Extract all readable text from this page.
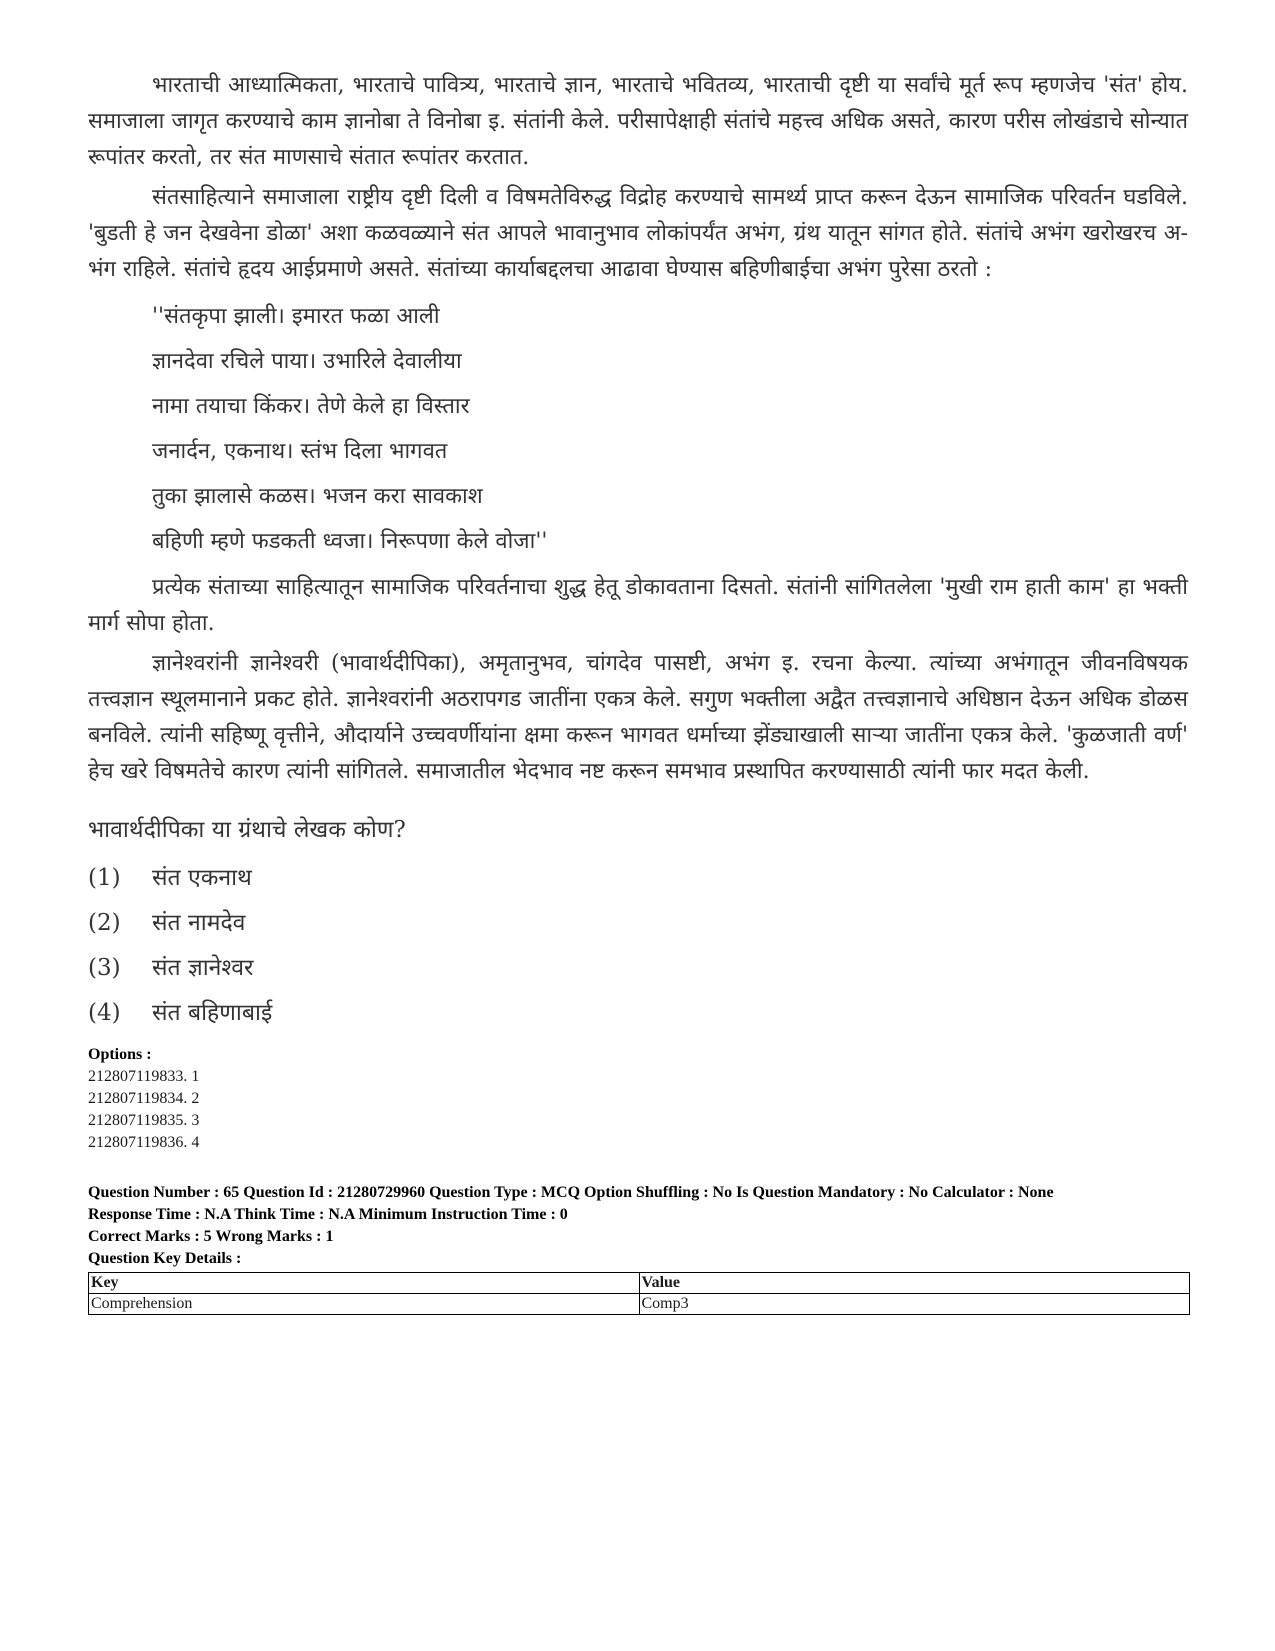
भारताची आध्यात्मिकता, भारताचे पावित्र्य, भारताचे ज्ञान, भारताचे भवितव्य, भारताची दृष्टी या सर्वांचे मूर्त रूप म्हणजेच 'संत' होय. समाजाला जागृत करण्याचे काम ज्ञानोबा ते विनोबा इ. संतांनी केले. परीसापेक्षाही संतांचे महत्त्व अधिक असते, कारण परीस लोखंडाचे सोन्यात रूपांतर करतो, तर संत माणसाचे संतात रूपांतर करतात.

संतसाहित्याने समाजाला राष्ट्रीय दृष्टी दिली व विषमतेविरुद्ध विद्रोह करण्याचे सामर्थ्य प्राप्त करून देऊन सामाजिक परिवर्तन घडविले. 'बुडती हे जन देखवेना डोळा' अशा कळवळ्याने संत आपले भावानुभाव लोकांपर्यंत अभंग, ग्रंथ यातून सांगत होते. संतांचे अभंग खरोखरच अ-भंग राहिले. संतांचे हृदय आईप्रमाणे असते. संतांच्या कार्याबद्दलचा आढावा घेण्यास बहिणीबाईचा अभंग पुरेसा ठरतो :

''संतकृपा झाली। इमारत फळा आली
ज्ञानदेवा रचिले पाया। उभारिले देवालीया
नामा तयाचा किंकर। तेणे केले हा विस्तार
जनार्दन, एकनाथ। स्तंभ दिला भागवत
तुका झालासे कळस। भजन करा सावकाश
बहिणी म्हणे फडकती ध्वजा। निरूपणा केले वोजा''

प्रत्येक संताच्या साहित्यातून सामाजिक परिवर्तनाचा शुद्ध हेतू डोकावताना दिसतो. संतांनी सांगितलेला 'मुखी राम हाती काम' हा भक्ती मार्ग सोपा होता.

ज्ञानेश्वरांनी ज्ञानेश्वरी (भावार्थदीपिका), अमृतानुभव, चांगदेव पासष्टी, अभंग इ. रचना केल्या. त्यांच्या अभंगातून जीवनविषयक तत्त्वज्ञान स्थूलमानाने प्रकट होते. ज्ञानेश्वरांनी अठरापगड जातींना एकत्र केले. सगुण भक्तीला अद्वैत तत्त्वज्ञानाचे अधिष्ठान देऊन अधिक डोळस बनविले. त्यांनी सहिष्णू वृत्तीने, औदार्याने उच्चवर्णीयांना क्षमा करून भागवत धर्माच्या झेंड्याखाली साऱ्या जातींना एकत्र केले. 'कुळजाती वर्ण' हेच खरे विषमतेचे कारण त्यांनी सांगितले. समाजातील भेदभाव नष्ट करून समभाव प्रस्थापित करण्यासाठी त्यांनी फार मदत केली.

भावार्थदीपिका या ग्रंथाचे लेखक कोण?
(1)	संत एकनाथ
(2)	संत नामदेव
(3)	संत ज्ञानेश्वर
(4)	संत बहिणाबाई
Options :
212807119833. 1
212807119834. 2
212807119835. 3
212807119836. 4
Question Number : 65 Question Id : 21280729960 Question Type : MCQ Option Shuffling : No Is Question Mandatory : No Calculator : None
Response Time : N.A Think Time : N.A Minimum Instruction Time : 0
Correct Marks : 5 Wrong Marks : 1
Question Key Details :
Key	Value
Comprehension	Comp3
